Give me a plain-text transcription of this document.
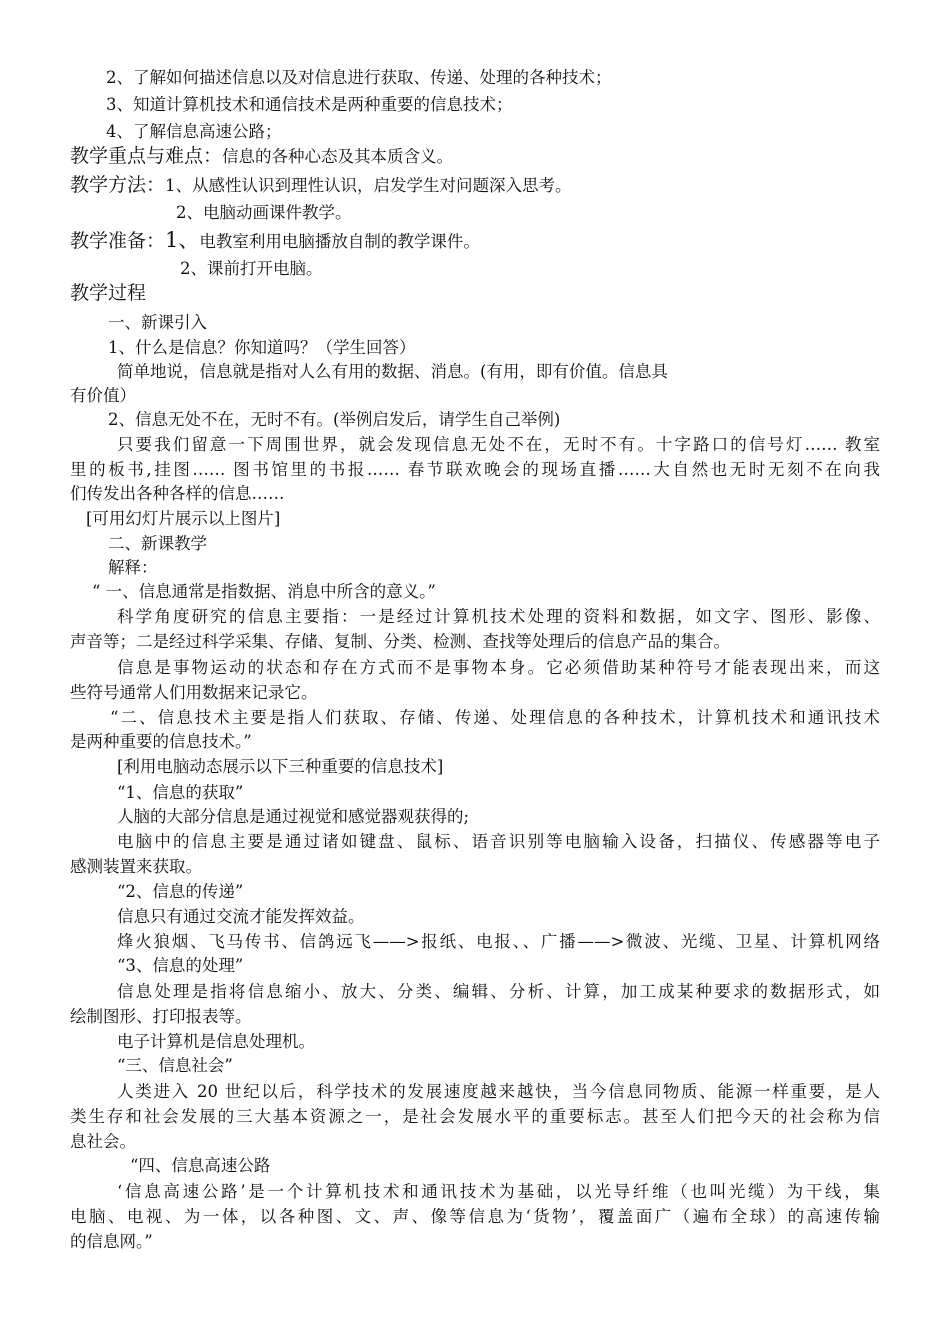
2、了解如何描述信息以及对信息进行获取、传递、处理的各种技术；
3、知道计算机技术和通信技术是两种重要的信息技术；
4、了解信息高速公路；
教学重点与难点：信息的各种心态及其本质含义。
教学方法：1、从感性认识到理性认识，启发学生对问题深入思考。
2、电脑动画课件教学。
教学准备：1、电教室利用电脑播放自制的教学课件。
2、课前打开电脑。
教学过程
一、新课引入
1、什么是信息？你知道吗？（学生回答）
简单地说，信息就是指对人么有用的数据、消息。(有用，即有价值。信息具
有价值）
2、信息无处不在，无时不有。(举例启发后，请学生自己举例)
只要我们留意一下周围世界，就会发现信息无处不在，无时不有。十字路口的信号灯…… 教室
里的板书,挂图…… 图书馆里的书报…… 春节联欢晚会的现场直播……大自然也无时无刻不在向我
们传发出各种各样的信息……
[可用幻灯片展示以上图片]
二、新课教学
解释：
“ 一、信息通常是指数据、消息中所含的意义。”
科学角度研究的信息主要指：一是经过计算机技术处理的资料和数据，如文字、图形、影像、
声音等；二是经过科学采集、存储、复制、分类、检测、查找等处理后的信息产品的集合。
信息是事物运动的状态和存在方式而不是事物本身。它必须借助某种符号才能表现出来，而这
些符号通常人们用数据来记录它。
“二、信息技术主要是指人们获取、存储、传递、处理信息的各种技术，计算机技术和通讯技术
是两种重要的信息技术。”
[利用电脑动态展示以下三种重要的信息技术]
“1、信息的获取”
人脑的大部分信息是通过视觉和感觉器观获得的;
电脑中的信息主要是通过诸如键盘、鼠标、语音识别等电脑输入设备，扫描仪、传感器等电子
感测装置来获取。
“2、信息的传递”
信息只有通过交流才能发挥效益。
烽火狼烟、飞马传书、信鸽远飞——>报纸、电报、、广播——>微波、光缆、卫星、计算机网络
“3、信息的处理”
信息处理是指将信息缩小、放大、分类、编辑、分析、计算，加工成某种要求的数据形式，如
绘制图形、打印报表等。
电子计算机是信息处理机。
“三、信息社会”
人类进入 20 世纪以后，科学技术的发展速度越来越快，当今信息同物质、能源一样重要，是人
类生存和社会发展的三大基本资源之一，是社会发展水平的重要标志。甚至人们把今天的社会称为信
息社会。
“四、信息高速公路
‘信息高速公路’是一个计算机技术和通讯技术为基础，以光导纤维（也叫光缆）为干线，集
电脑、电视、为一体，以各种图、文、声、像等信息为‘货物’，覆盖面广（遍布全球）的高速传输
的信息网。”
